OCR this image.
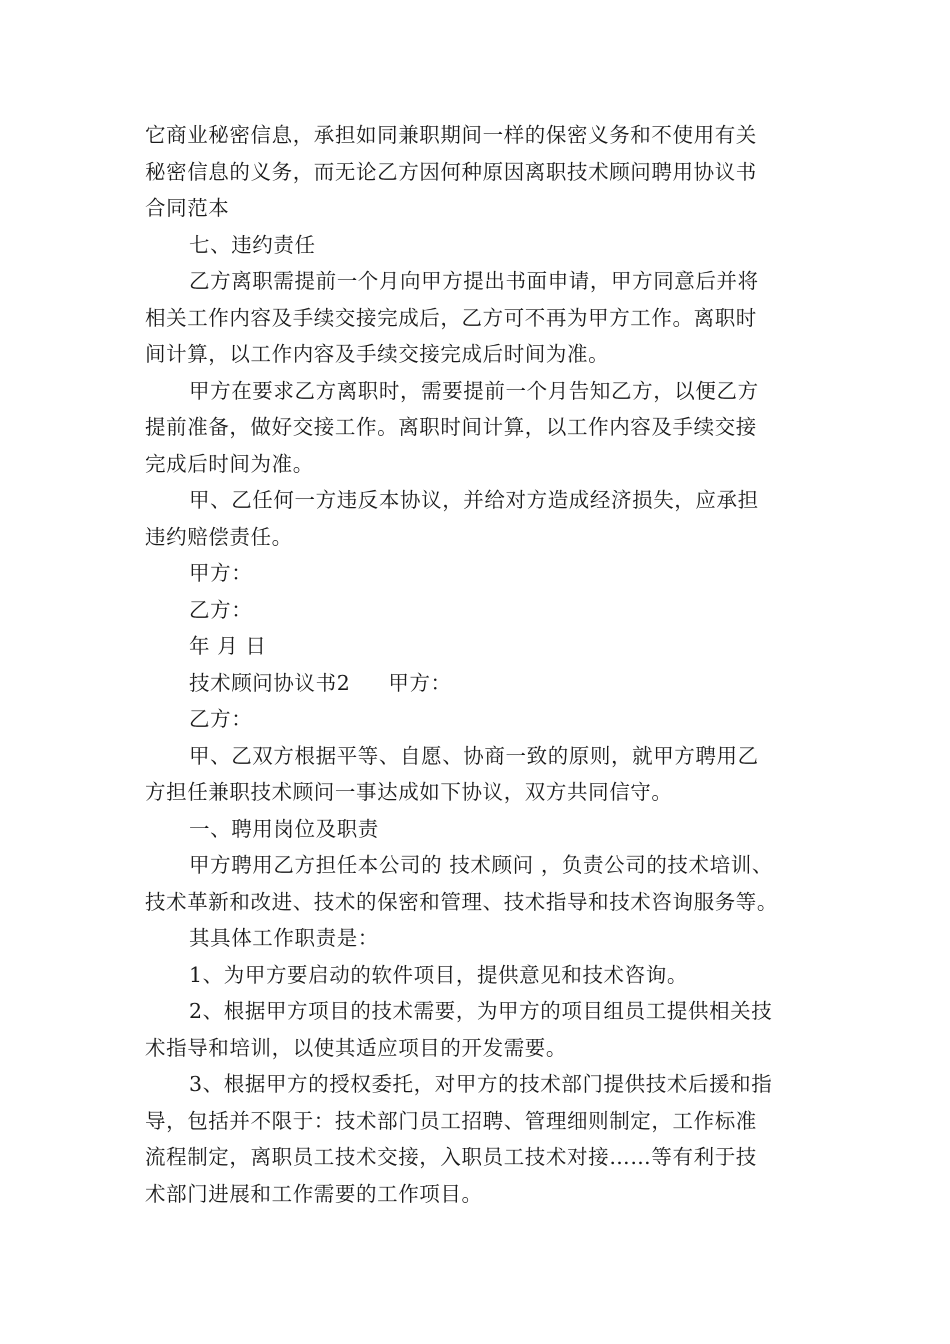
它商业秘密信息，承担如同兼职期间一样的保密义务和不使用有关
秘密信息的义务，而无论乙方因何种原因离职技术顾问聘用协议书
合同范本
七、违约责任
乙方离职需提前一个月向甲方提出书面申请，甲方同意后并将
相关工作内容及手续交接完成后，乙方可不再为甲方工作。离职时
间计算，以工作内容及手续交接完成后时间为准。
甲方在要求乙方离职时，需要提前一个月告知乙方，以便乙方
提前准备，做好交接工作。离职时间计算，以工作内容及手续交接
完成后时间为准。
甲、乙任何一方违反本协议，并给对方造成经济损失，应承担
违约赔偿责任。
甲方：
乙方：
年 月 日
技术顾问协议书2 甲方：
乙方：
甲、乙双方根据平等、自愿、协商一致的原则，就甲方聘用乙
方担任兼职技术顾问一事达成如下协议，双方共同信守。
一、聘用岗位及职责
甲方聘用乙方担任本公司的 技术顾问 ，负责公司的技术培训、
技术革新和改进、技术的保密和管理、技术指导和技术咨询服务等。
其具体工作职责是：
1、为甲方要启动的软件项目，提供意见和技术咨询。
2、根据甲方项目的技术需要，为甲方的项目组员工提供相关技
术指导和培训，以使其适应项目的开发需要。
3、根据甲方的授权委托，对甲方的技术部门提供技术后援和指
导，包括并不限于：技术部门员工招聘、管理细则制定，工作标准
流程制定，离职员工技术交接，入职员工技术对接……等有利于技
术部门进展和工作需要的工作项目。
